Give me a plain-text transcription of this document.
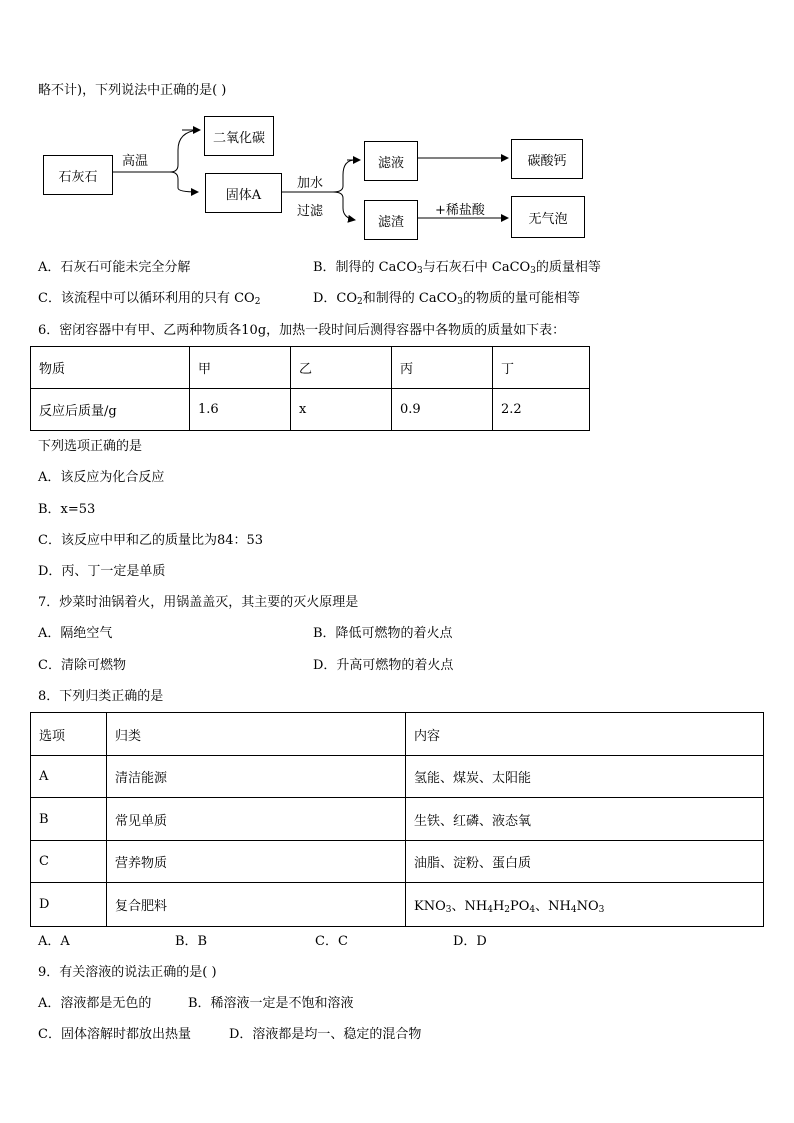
略不计)，下列说法中正确的是( )
石灰石
高温
二氧化碳
固体A
加水
过滤
滤液
滤渣
碳酸钙
+稀盐酸
无气泡
A．石灰石可能未完全分解	B．制得的 CaCO$_3$与石灰石中 CaCO$_3$的质量相等
C．该流程中可以循环利用的只有 $CO_2$	D．$CO_2$和制得的 CaCO$_3$的物质的量可能相等
6．密闭容器中有甲、乙两种物质各10g，加热一段时间后测得容器中各物质的质量如下表：
物质	甲	乙	丙	丁
反应后质量/g	1.6	x	0.9	2.2
下列选项正确的是
A．该反应为化合反应
B．x=53
C．该反应中甲和乙的质量比为84：53
D．丙、丁一定是单质
7．炒菜时油锅着火，用锅盖盖灭，其主要的灭火原理是
A．隔绝空气	B．降低可燃物的着火点
C．清除可燃物	D．升高可燃物的着火点
8．下列归类正确的是
选项	归类	内容
A	清洁能源	氢能、煤炭、太阳能
B	常见单质	生铁、红磷、液态氧
C	营养物质	油脂、淀粉、蛋白质
D	复合肥料	$KNO_3$、$NH_4H_2PO_4$、$NH_4NO_3$
A．A	B．B	C．C	D．D
9．有关溶液的说法正确的是( )
A．溶液都是无色的	B．稀溶液一定是不饱和溶液
C．固体溶解时都放出热量	D．溶液都是均一、稳定的混合物
